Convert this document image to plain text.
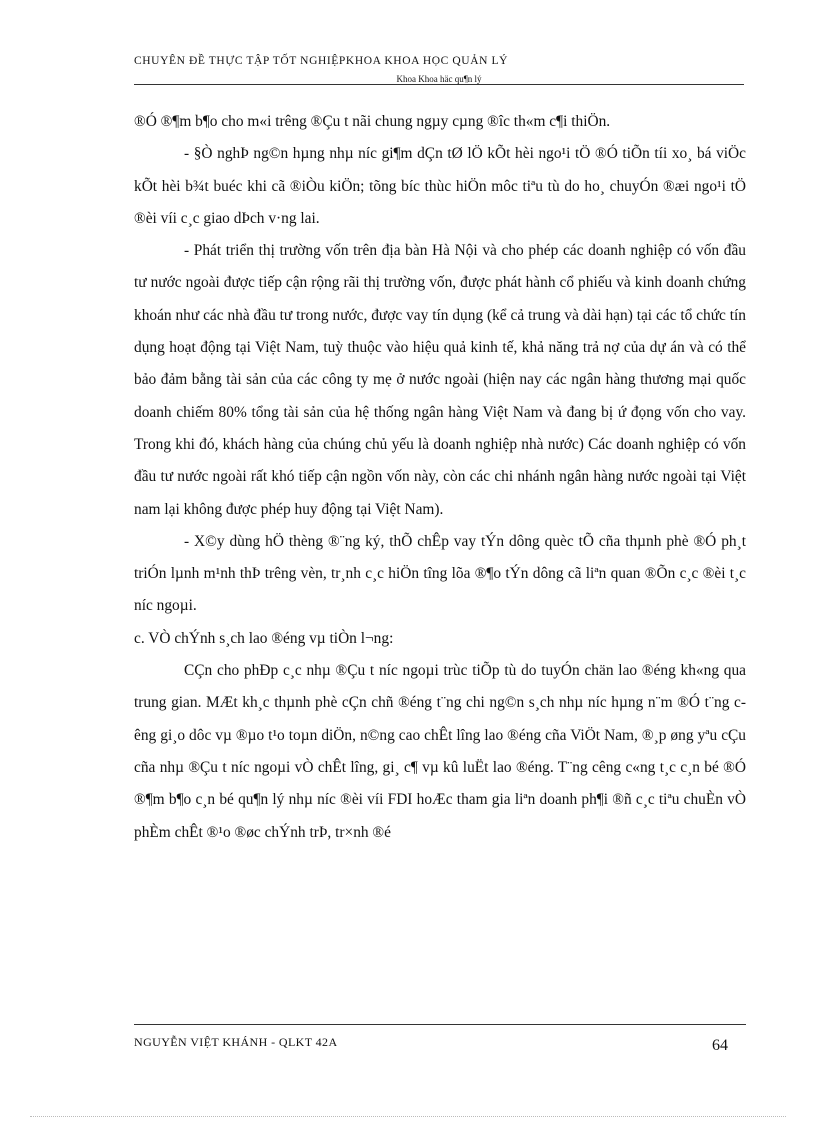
CHUYÊN ĐỀ THỰC TẬP TỐT NGHIỆPKHOA KHOA HỌC QUẢN LÝ
Khoa Khoa häc qu¶n lý

®Ó ®¶m b¶o cho m«i trêng ®Çu t nãi chung ngµy cµng ®îc th«m c¶i thiÖn.

- §Ò nghÞ ng©n hµng nhµ níc gi¶m dÇn tØ lÖ kÕt hèi ngo¹i tÖ ®Ó tiÕn tíi xo¸ bá viÖc kÕt hèi b¾t buéc khi cã ®iÒu kiÖn; tõng bíc thùc hiÖn môc tiªu tù do ho¸ chuyÓn ®æi ngo¹i tÖ ®èi víi c¸c giao dÞch v·ng lai.

- Phát triển thị trường vốn trên địa bàn Hà Nội và cho phép các doanh nghiệp có vốn đầu tư nước ngoài được tiếp cận rộng rãi thị trường vốn, được phát hành cổ phiếu và kinh doanh chứng khoán như các nhà đầu tư trong nước, được vay tín dụng (kể cả trung và dài hạn) tại các tổ chức tín dụng hoạt động tại Việt Nam, tuỳ thuộc vào hiệu quả kinh tế, khả năng trả nợ của dự án và có thể bảo đảm bằng tài sản của các công ty mẹ ở nước ngoài (hiện nay các ngân hàng thương mại quốc doanh chiếm 80% tổng tài sản của hệ thống ngân hàng Việt Nam và đang bị ứ đọng vốn cho vay. Trong khi đó, khách hàng của chúng chủ yếu là doanh nghiệp nhà nước) Các doanh nghiệp có vốn đầu tư nước ngoài rất khó tiếp cận ngồn vốn này, còn các chi nhánh ngân hàng nước ngoài tại Việt nam lại không được phép huy động tại Việt Nam).

- X©y dùng hÖ thèng ®¨ng ký, thÕ chÊp vay tÝn dông quèc tÕ cña thµnh phè ®Ó ph¸t triÓn lµnh m¹nh thÞ trêng vèn, tr¸nh c¸c hiÖn tîng lõa ®¶o tÝn dông cã liªn quan ®Õn c¸c ®èi t¸c níc ngoµi.

c. VÒ chÝnh s¸ch lao ®éng vµ tiÒn l¬ng:

CÇn cho phÐp c¸c nhµ ®Çu t níc ngoµi trùc tiÕp tù do tuyÓn chän lao ®éng kh«ng qua trung gian. MÆt kh¸c thµnh phè cÇn chñ ®éng t¨ng chi ng©n s¸ch nhµ níc hµng n¨m ®Ó t¨ng cêng gi¸o dôc vµ ®µo t¹o toµn diÖn, n©ng cao chÊt lîng lao ®éng cña ViÖt Nam, ®¸p øng yªu cÇu cña nhµ ®Çu t níc ngoµi vÒ chÊt lîng, gi¸ c¶ vµ kû luËt lao ®éng. T¨ng cêng c«ng t¸c c¸n bé ®Ó ®¶m b¶o c¸n bé qu¶n lý nhµ níc ®èi víi FDI hoÆc tham gia liªn doanh ph¶i ®ñ c¸c tiªu chuÈn vÒ phÈm chÊt ®¹o ®øc chÝnh trÞ, tr×nh ®é

NGUYỄN VIỆT KHÁNH - QLKT 42A	64
